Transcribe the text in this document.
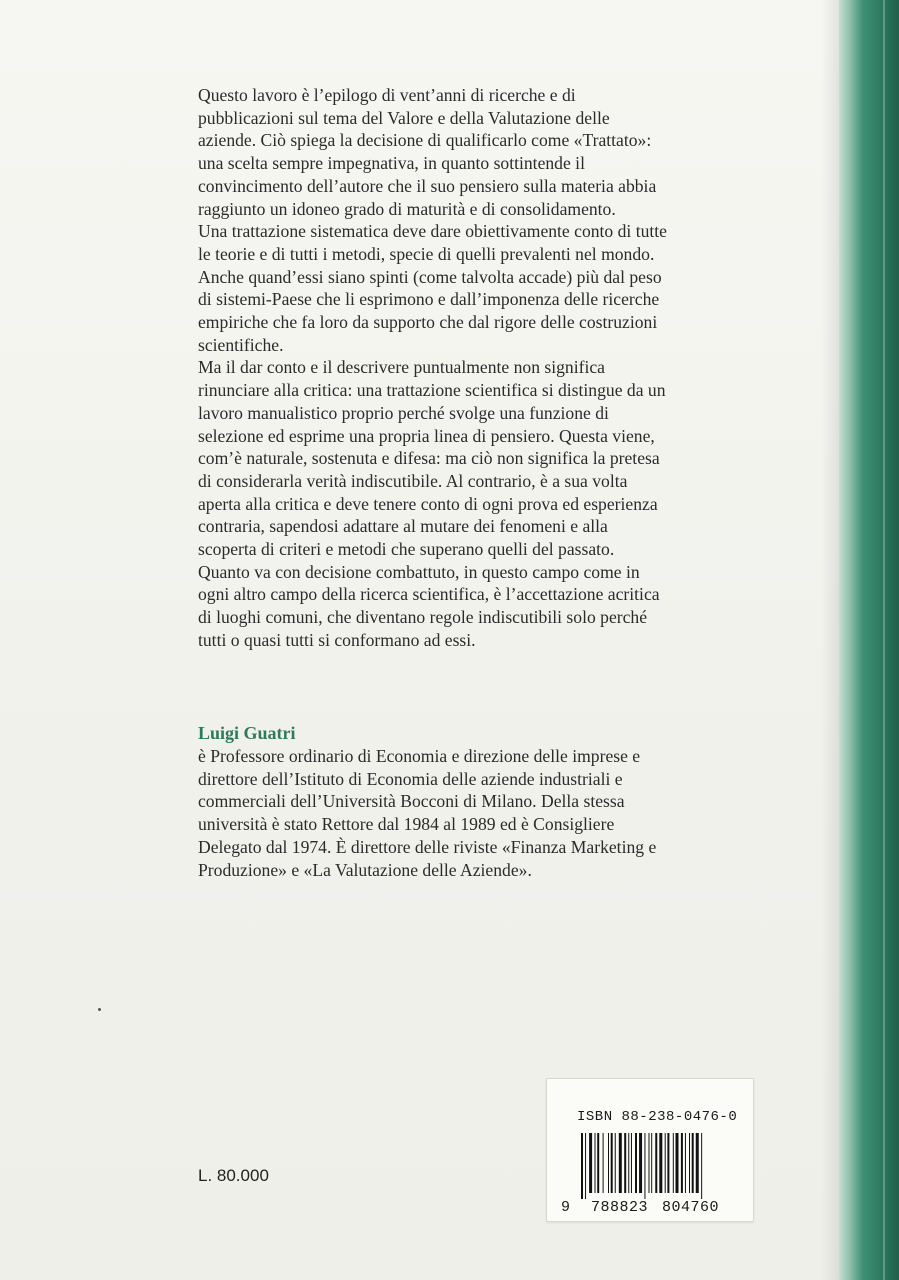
Questo lavoro è l’epilogo di vent’anni di ricerche e di pubblicazioni sul tema del Valore e della Valutazione delle aziende. Ciò spiega la decisione di qualificarlo come «Trattato»: una scelta sempre impegnativa, in quanto sottintende il convincimento dell’autore che il suo pensiero sulla materia abbia raggiunto un idoneo grado di maturità e di consolidamento.

Una trattazione sistematica deve dare obiettivamente conto di tutte le teorie e di tutti i metodi, specie di quelli prevalenti nel mondo. Anche quand’essi siano spinti (come talvolta accade) più dal peso di sistemi-Paese che li esprimono e dall’imponenza delle ricerche empiriche che fa loro da supporto che dal rigore delle costruzioni scientifiche.

Ma il dar conto e il descrivere puntualmente non significa rinunciare alla critica: una trattazione scientifica si distingue da un lavoro manualistico proprio perché svolge una funzione di selezione ed esprime una propria linea di pensiero. Questa viene, com’è naturale, sostenuta e difesa: ma ciò non significa la pretesa di considerarla verità indiscutibile. Al contrario, è a sua volta aperta alla critica e deve tenere conto di ogni prova ed esperienza contraria, sapendosi adattare al mutare dei fenomeni e alla scoperta di criteri e metodi che superano quelli del passato. Quanto va con decisione combattuto, in questo campo come in ogni altro campo della ricerca scientifica, è l’accettazione acritica di luoghi comuni, che diventano regole indiscutibili solo perché tutti o quasi tutti si conformano ad essi.

Luigi Guatri

è Professore ordinario di Economia e direzione delle imprese e direttore dell’Istituto di Economia delle aziende industriali e commerciali dell’Università Bocconi di Milano. Della stessa università è stato Rettore dal 1984 al 1989 ed è Consigliere Delegato dal 1974. È direttore delle riviste «Finanza Marketing e Produzione» e «La Valutazione delle Aziende».

L. 80.000
ISBN 88-238-0476-0
9 788823 804760
